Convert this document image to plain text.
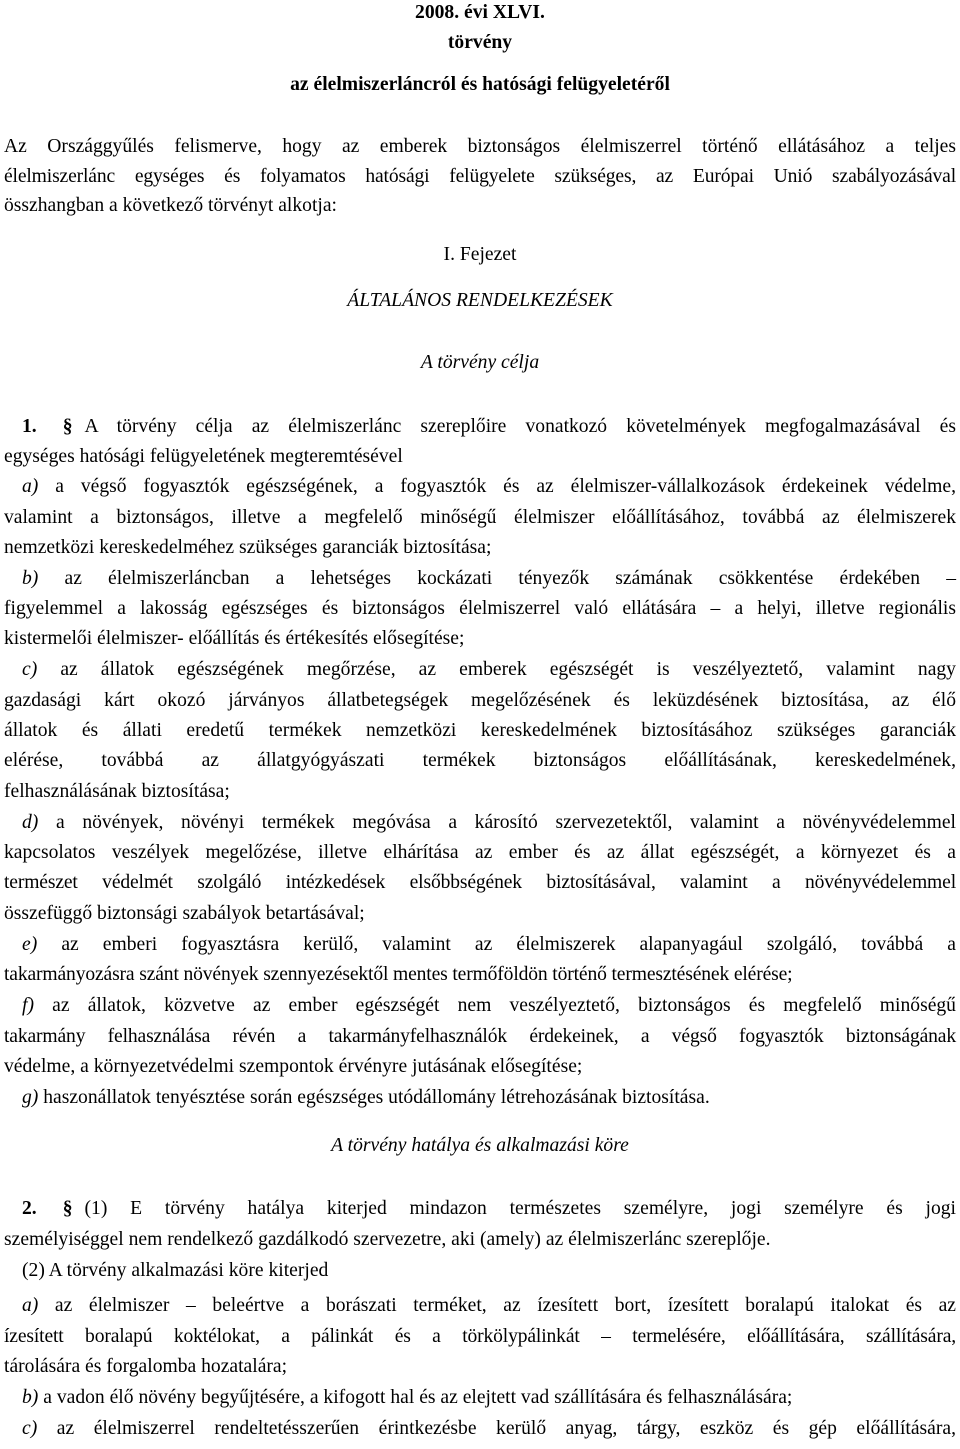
2008. évi XLVI.
törvény
az élelmiszerláncról és hatósági felügyeletéről
Az Országgyűlés felismerve, hogy az emberek biztonságos élelmiszerrel történő ellátásához a teljes
élelmiszerlánc egységes és folyamatos hatósági felügyelete szükséges, az Európai Unió szabályozásával
összhangban a következő törvényt alkotja:
I. Fejezet
ÁLTALÁNOS RENDELKEZÉSEK
A törvény célja
1. § A törvény célja az élelmiszerlánc szereplőire vonatkozó követelmények megfogalmazásával és
egységes hatósági felügyeletének megteremtésével
a) a végső fogyasztók egészségének, a fogyasztók és az élelmiszer-vállalkozások érdekeinek védelme,
valamint a biztonságos, illetve a megfelelő minőségű élelmiszer előállításához, továbbá az élelmiszerek
nemzetközi kereskedelméhez szükséges garanciák biztosítása;
b) az élelmiszerláncban a lehetséges kockázati tényezők számának csökkentése érdekében –
figyelemmel a lakosság egészséges és biztonságos élelmiszerrel való ellátására – a helyi, illetve regionális
kistermelői élelmiszer- előállítás és értékesítés elősegítése;
c) az állatok egészségének megőrzése, az emberek egészségét is veszélyeztető, valamint nagy
gazdasági kárt okozó járványos állatbetegségek megelőzésének és leküzdésének biztosítása, az élő
állatok és állati eredetű termékek nemzetközi kereskedelmének biztosításához szükséges garanciák
elérése, továbbá az állatgyógyászati termékek biztonságos előállításának, kereskedelmének,
felhasználásának biztosítása;
d) a növények, növényi termékek megóvása a károsító szervezetektől, valamint a növényvédelemmel
kapcsolatos veszélyek megelőzése, illetve elhárítása az ember és az állat egészségét, a környezet és a
természet védelmét szolgáló intézkedések elsőbbségének biztosításával, valamint a növényvédelemmel
összefüggő biztonsági szabályok betartásával;
e) az emberi fogyasztásra kerülő, valamint az élelmiszerek alapanyagául szolgáló, továbbá a
takarmányozásra szánt növények szennyezésektől mentes termőföldön történő termesztésének elérése;
f) az állatok, közvetve az ember egészségét nem veszélyeztető, biztonságos és megfelelő minőségű
takarmány felhasználása révén a takarmányfelhasználók érdekeinek, a végső fogyasztók biztonságának
védelme, a környezetvédelmi szempontok érvényre jutásának elősegítése;
g) haszonállatok tenyésztése során egészséges utódállomány létrehozásának biztosítása.
A törvény hatálya és alkalmazási köre
2. § (1) E törvény hatálya kiterjed mindazon természetes személyre, jogi személyre és jogi
személyiséggel nem rendelkező gazdálkodó szervezetre, aki (amely) az élelmiszerlánc szereplője.
(2) A törvény alkalmazási köre kiterjed
a) az élelmiszer – beleértve a borászati terméket, az ízesített bort, ízesített boralapú italokat és az
ízesített boralapú koktélokat, a pálinkát és a törkölypálinkát – termelésére, előállítására, szállítására,
tárolására és forgalomba hozatalára;
b) a vadon élő növény begyűjtésére, a kifogott hal és az elejtett vad szállítására és felhasználására;
c) az élelmiszerrel rendeltetésszerűen érintkezésbe kerülő anyag, tárgy, eszköz és gép előállítására,
